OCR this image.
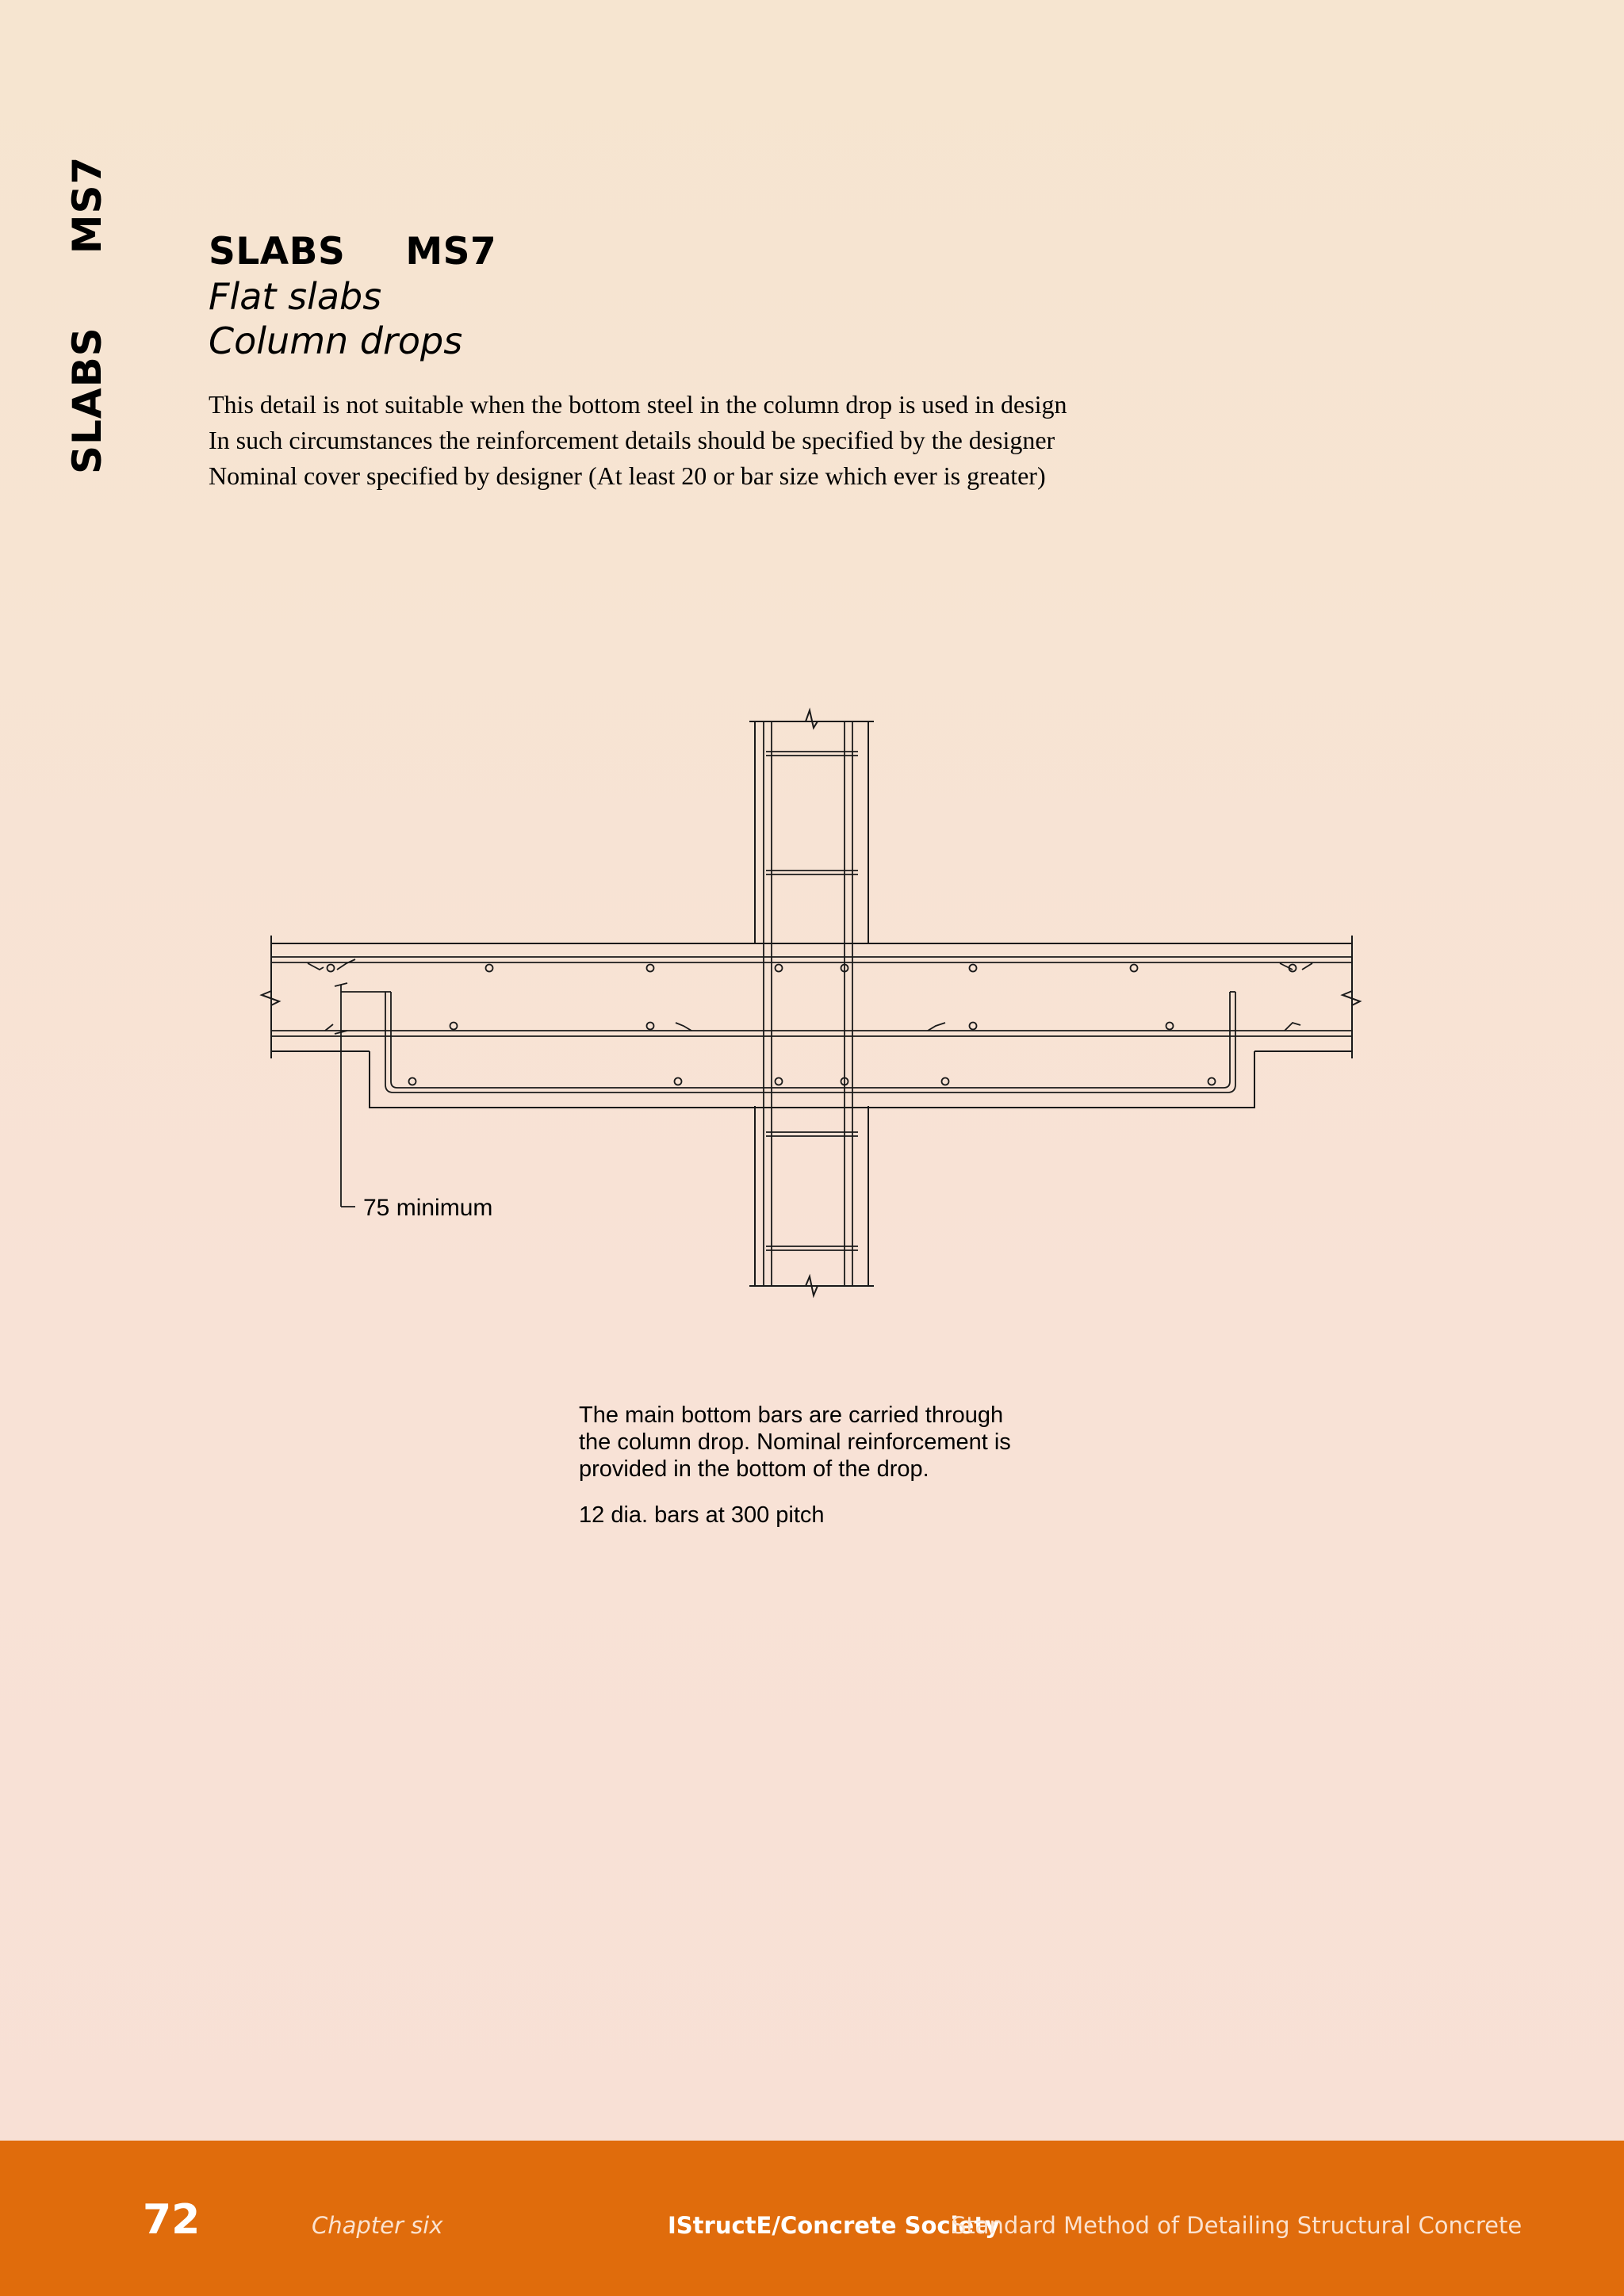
SLABS
MS7	SLABS MS7
Flat slabs
Column drops
This detail is not suitable when the bottom steel in the column drop is used in design
In such circumstances the reinforcement details should be specified by the designer
Nominal cover specified by designer (At least 20 or bar size which ever is greater)
75 minimum
The main bottom bars are carried through
the column drop. Nominal reinforcement is
provided in the bottom of the drop.
12 dia. bars at 300 pitch
72	Chapter six	IStructE/Concrete Society
Standard Method of Detailing Structural Concrete
